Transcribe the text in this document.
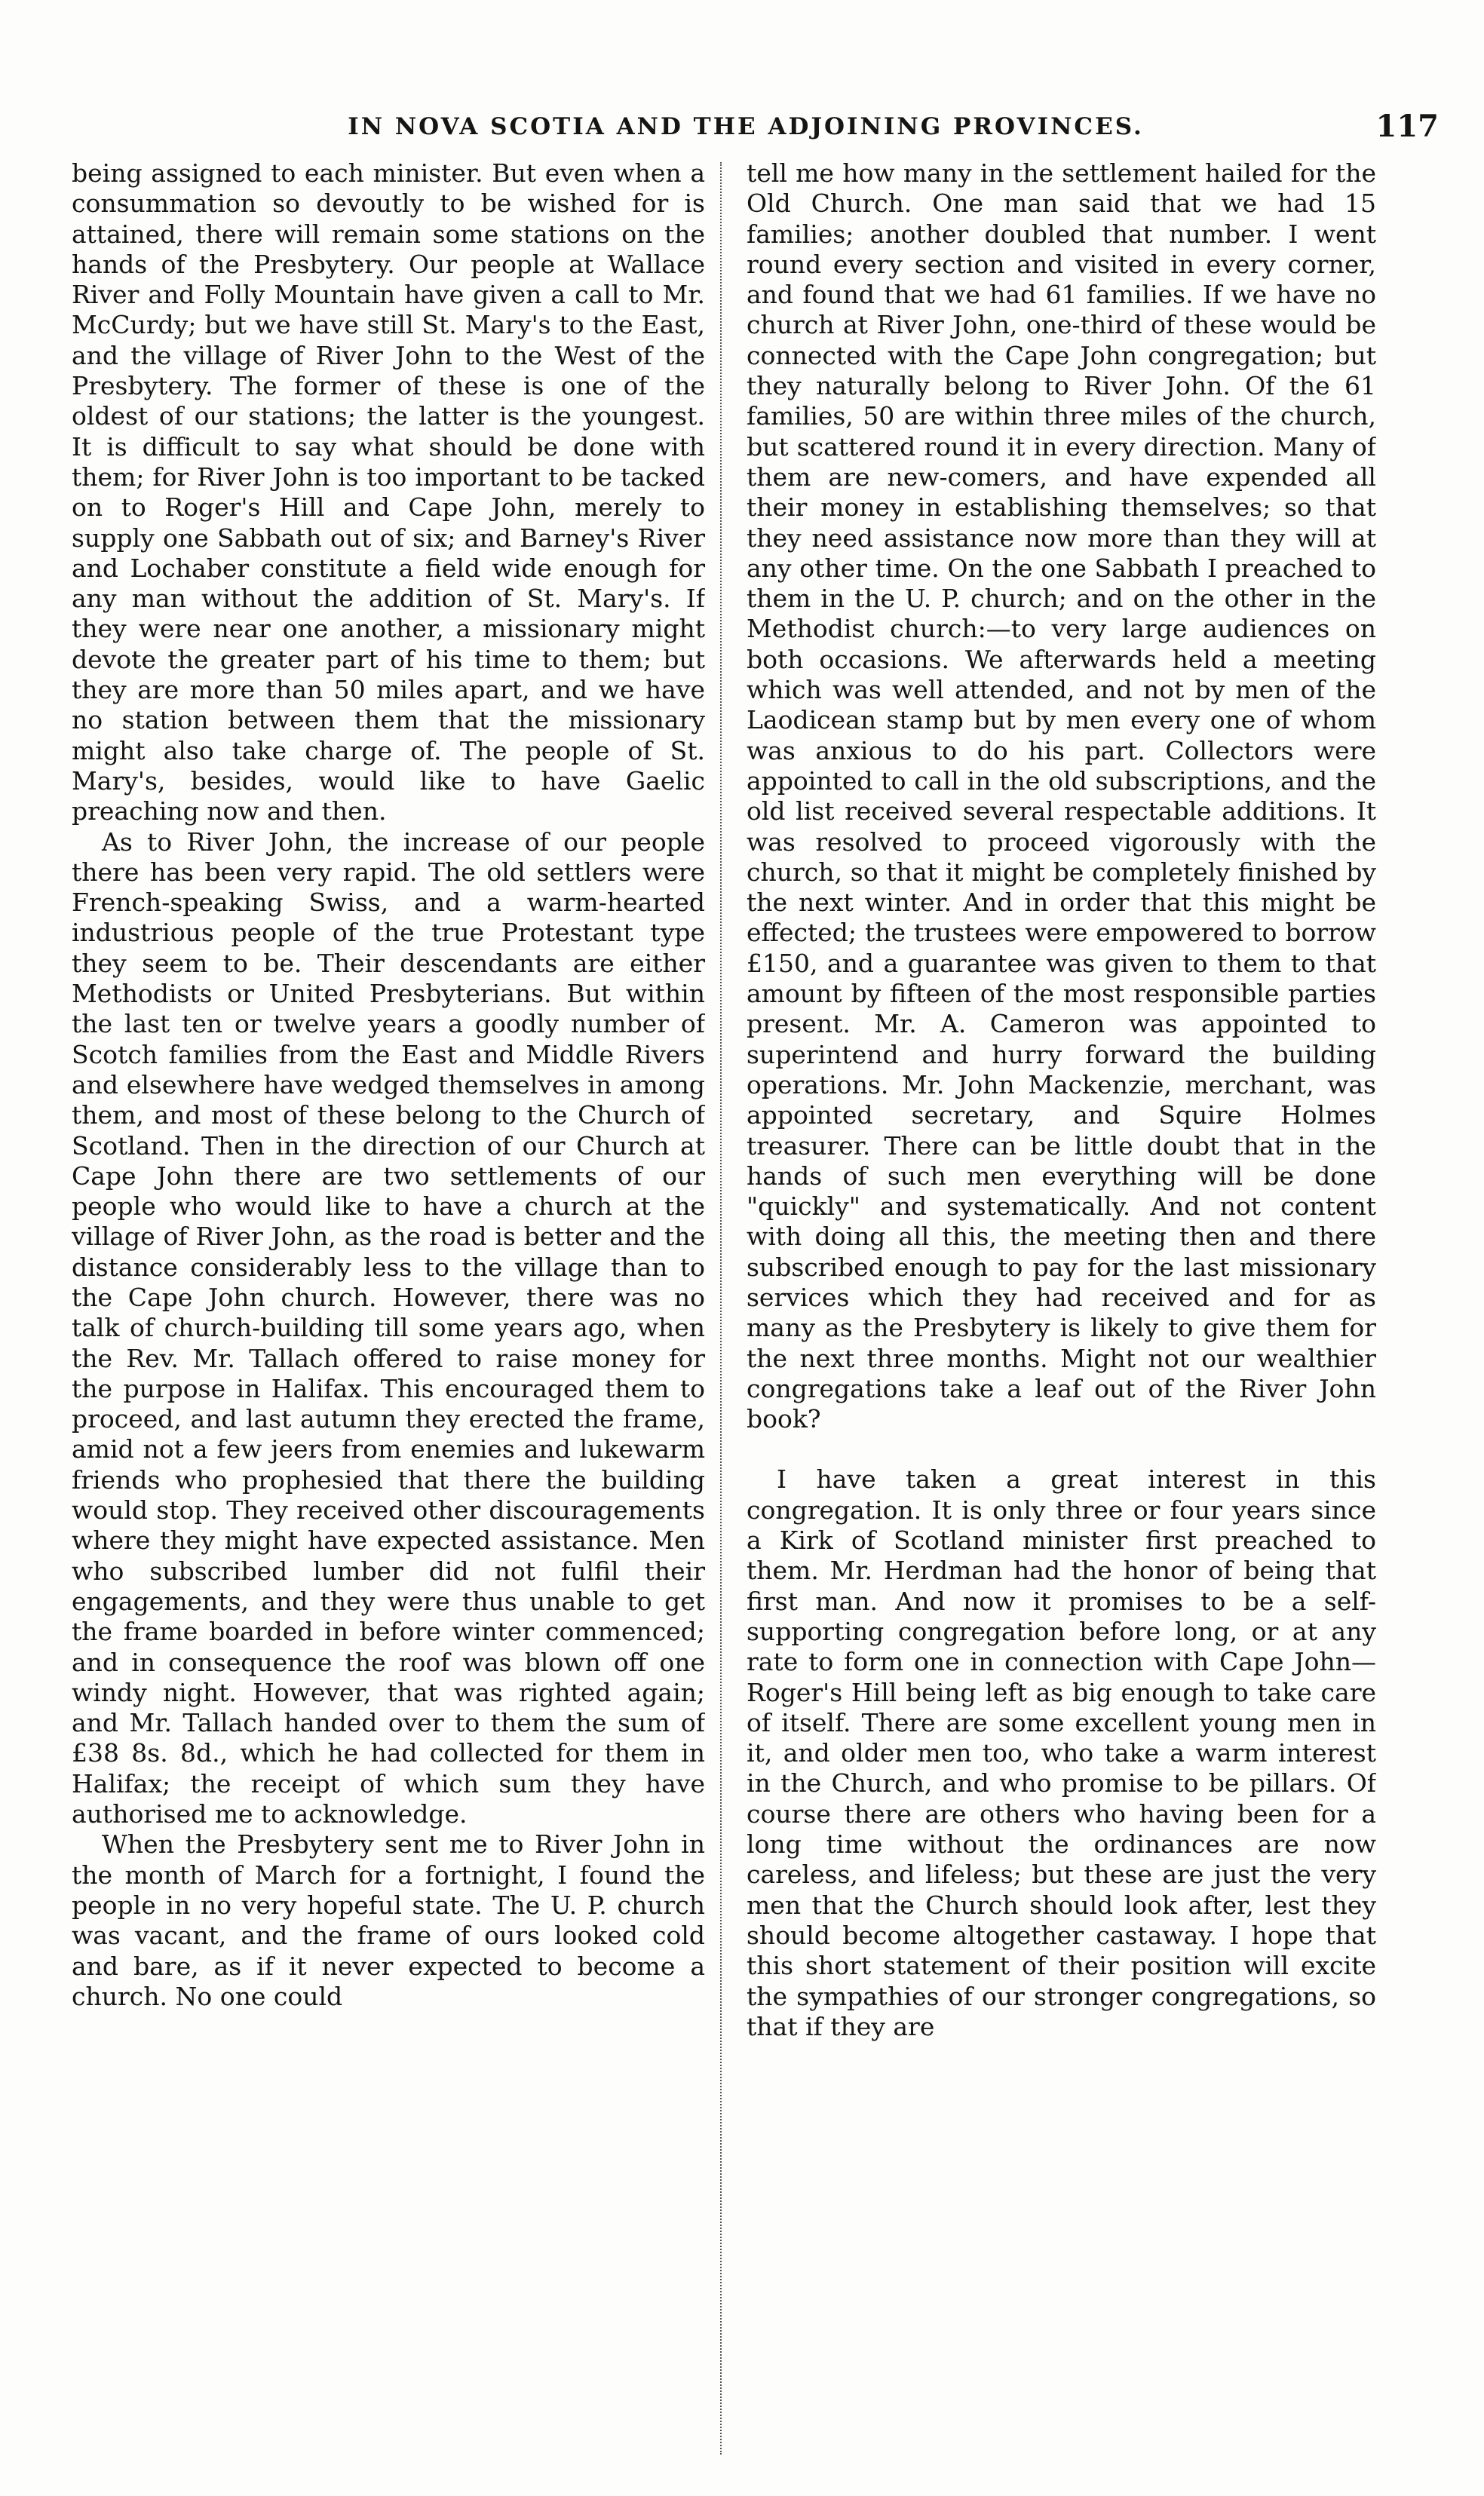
IN NOVA SCOTIA AND THE ADJOINING PROVINCES.	117

being assigned to each minister. But even when a consummation so devoutly to be wished for is attained, there will remain some stations on the hands of the Presbytery. Our people at Wallace River and Folly Mountain have given a call to Mr. McCurdy; but we have still St. Mary's to the East, and the village of River John to the West of the Presbytery. The former of these is one of the oldest of our stations; the latter is the youngest. It is difficult to say what should be done with them; for River John is too important to be tacked on to Roger's Hill and Cape John, merely to supply one Sabbath out of six; and Barney's River and Lochaber constitute a field wide enough for any man without the addition of St. Mary's. If they were near one another, a missionary might devote the greater part of his time to them; but they are more than 50 miles apart, and we have no station between them that the missionary might also take charge of. The people of St. Mary's, besides, would like to have Gaelic preaching now and then.

As to River John, the increase of our people there has been very rapid. The old settlers were French-speaking Swiss, and a warm-hearted industrious people of the true Protestant type they seem to be. Their descendants are either Methodists or United Presbyterians. But within the last ten or twelve years a goodly number of Scotch families from the East and Middle Rivers and elsewhere have wedged themselves in among them, and most of these belong to the Church of Scotland. Then in the direction of our Church at Cape John there are two settlements of our people who would like to have a church at the village of River John, as the road is better and the distance considerably less to the village than to the Cape John church. However, there was no talk of church-building till some years ago, when the Rev. Mr. Tallach offered to raise money for the purpose in Halifax. This encouraged them to proceed, and last autumn they erected the frame, amid not a few jeers from enemies and lukewarm friends who prophesied that there the building would stop. They received other discouragements where they might have expected assistance. Men who subscribed lumber did not fulfil their engagements, and they were thus unable to get the frame boarded in before winter commenced; and in consequence the roof was blown off one windy night. However, that was righted again; and Mr. Tallach handed over to them the sum of £38 8s. 8d., which he had collected for them in Halifax; the receipt of which sum they have authorised me to acknowledge.

When the Presbytery sent me to River John in the month of March for a fortnight, I found the people in no very hopeful state. The U. P. church was vacant, and the frame of ours looked cold and bare, as if it never expected to become a church. No one could

tell me how many in the settlement hailed for the Old Church. One man said that we had 15 families; another doubled that number. I went round every section and visited in every corner, and found that we had 61 families. If we have no church at River John, one-third of these would be connected with the Cape John congregation; but they naturally belong to River John. Of the 61 families, 50 are within three miles of the church, but scattered round it in every direction. Many of them are new-comers, and have expended all their money in establishing themselves; so that they need assistance now more than they will at any other time. On the one Sabbath I preached to them in the U. P. church; and on the other in the Methodist church:—to very large audiences on both occasions. We afterwards held a meeting which was well attended, and not by men of the Laodicean stamp but by men every one of whom was anxious to do his part. Collectors were appointed to call in the old subscriptions, and the old list received several respectable additions. It was resolved to proceed vigorously with the church, so that it might be completely finished by the next winter. And in order that this might be effected; the trustees were empowered to borrow £150, and a guarantee was given to them to that amount by fifteen of the most responsible parties present. Mr. A. Cameron was appointed to superintend and hurry forward the building operations. Mr. John Mackenzie, merchant, was appointed secretary, and Squire Holmes treasurer. There can be little doubt that in the hands of such men everything will be done "quickly" and systematically. And not content with doing all this, the meeting then and there subscribed enough to pay for the last missionary services which they had received and for as many as the Presbytery is likely to give them for the next three months. Might not our wealthier congregations take a leaf out of the River John book?

I have taken a great interest in this congregation. It is only three or four years since a Kirk of Scotland minister first preached to them. Mr. Herdman had the honor of being that first man. And now it promises to be a self-supporting congregation before long, or at any rate to form one in connection with Cape John—Roger's Hill being left as big enough to take care of itself. There are some excellent young men in it, and older men too, who take a warm interest in the Church, and who promise to be pillars. Of course there are others who having been for a long time without the ordinances are now careless, and lifeless; but these are just the very men that the Church should look after, lest they should become altogether castaway. I hope that this short statement of their position will excite the sympathies of our stronger congregations, so that if they are
